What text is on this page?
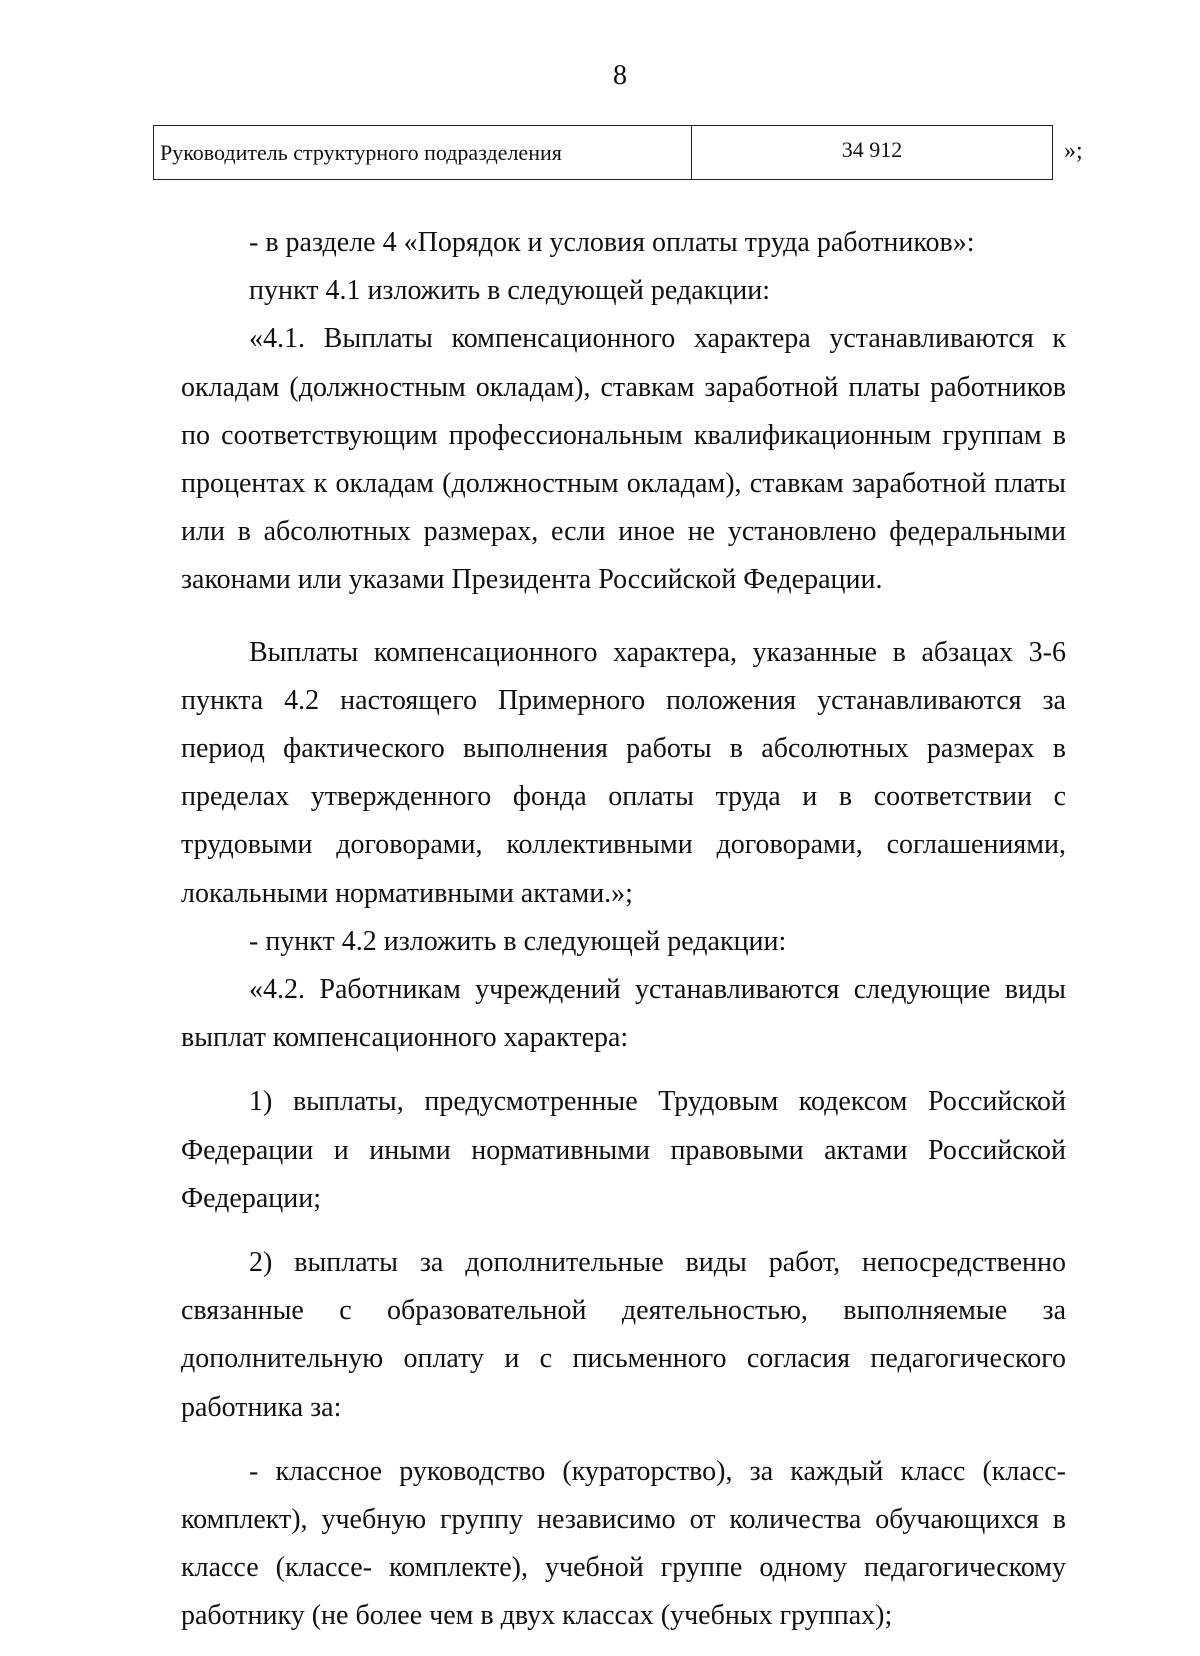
8
Руководитель структурного подразделения	34 912	»;

- в разделе 4 «Порядок и условия оплаты труда работников»:

пункт 4.1 изложить в следующей редакции:

«4.1. Выплаты компенсационного характера устанавливаются к окладам (должностным окладам), ставкам заработной платы работников по соответствующим профессиональным квалификационным группам в процентах к окладам (должностным окладам), ставкам заработной платы или в абсолютных размерах, если иное не установлено федеральными законами или указами Президента Российской Федерации.

Выплаты компенсационного характера, указанные в абзацах 3-6 пункта 4.2 настоящего Примерного положения устанавливаются за период фактического выполнения работы в абсолютных размерах в пределах утвержденного фонда оплаты труда и в соответствии с трудовыми договорами, коллективными договорами, соглашениями, локальными нормативными актами.»;

- пункт 4.2 изложить в следующей редакции:

«4.2. Работникам учреждений устанавливаются следующие виды выплат компенсационного характера:

1) выплаты, предусмотренные Трудовым кодексом Российской Федерации и иными нормативными правовыми актами Российской Федерации;

2) выплаты за дополнительные виды работ, непосредственно связанные с образовательной деятельностью, выполняемые за дополнительную оплату и с письменного согласия педагогического работника за:

- классное руководство (кураторство), за каждый класс (класс-комплект), учебную группу независимо от количества обучающихся в классе (классе- комплекте), учебной группе одному педагогическому работнику (не более чем в двух классах (учебных группах);
